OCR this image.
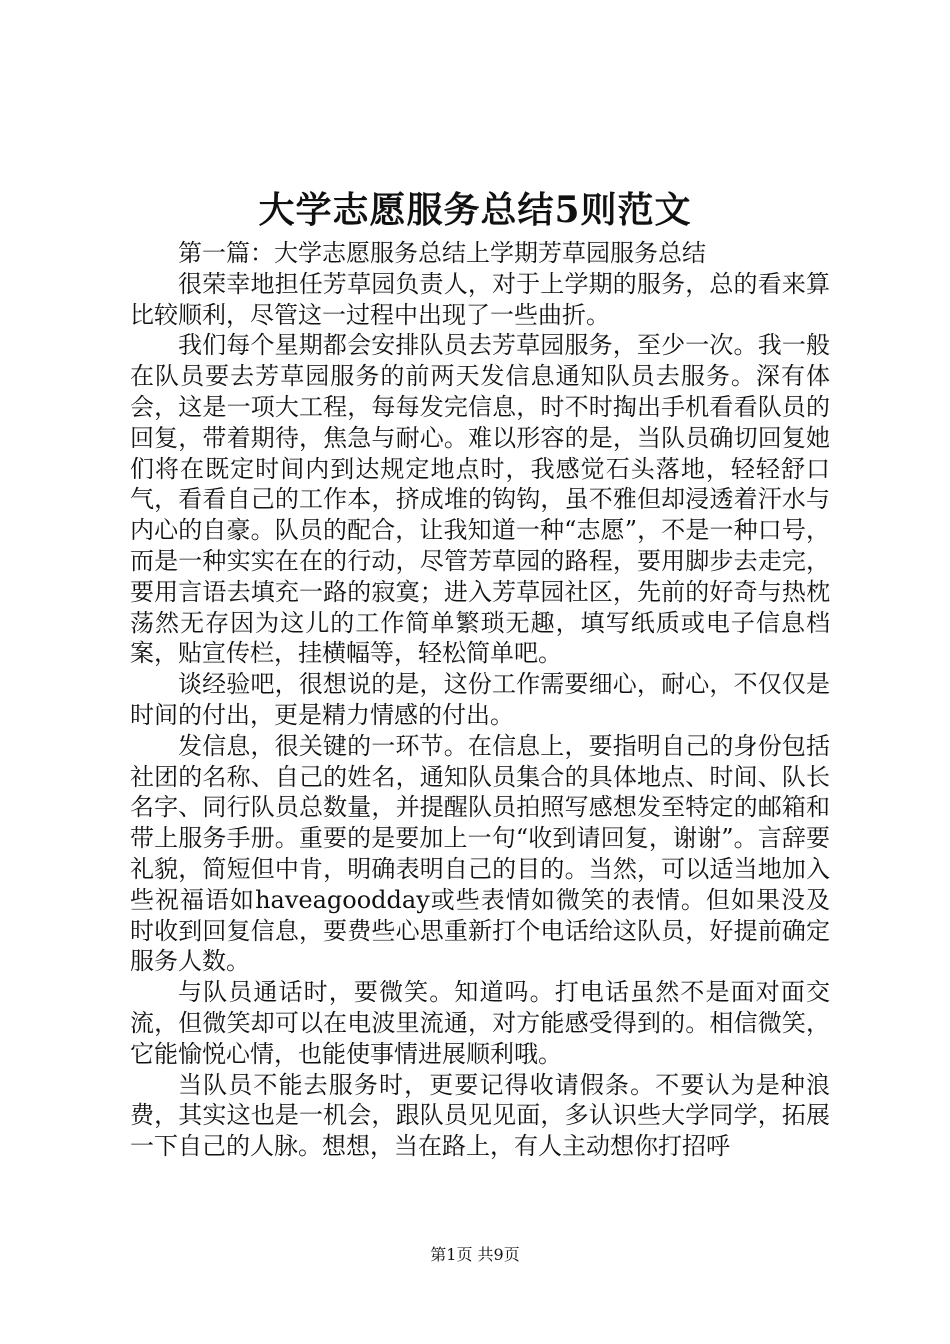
大学志愿服务总结5则范文

第一篇：大学志愿服务总结上学期芳草园服务总结

很荣幸地担任芳草园负责人，对于上学期的服务，总的看来算比较顺利，尽管这一过程中出现了一些曲折。

我们每个星期都会安排队员去芳草园服务，至少一次。我一般在队员要去芳草园服务的前两天发信息通知队员去服务。深有体会，这是一项大工程，每每发完信息，时不时掏出手机看看队员的回复，带着期待，焦急与耐心。难以形容的是，当队员确切回复她们将在既定时间内到达规定地点时，我感觉石头落地，轻轻舒口气，看看自己的工作本，挤成堆的钩钩，虽不雅但却浸透着汗水与内心的自豪。队员的配合，让我知道一种“志愿”，不是一种口号，而是一种实实在在的行动，尽管芳草园的路程，要用脚步去走完，要用言语去填充一路的寂寞；进入芳草园社区，先前的好奇与热枕荡然无存因为这儿的工作简单繁琐无趣，填写纸质或电子信息档案，贴宣传栏，挂横幅等，轻松简单吧。

谈经验吧，很想说的是，这份工作需要细心，耐心，不仅仅是时间的付出，更是精力情感的付出。

发信息，很关键的一环节。在信息上，要指明自己的身份包括社团的名称、自己的姓名，通知队员集合的具体地点、时间、队长名字、同行队员总数量，并提醒队员拍照写感想发至特定的邮箱和带上服务手册。重要的是要加上一句“收到请回复，谢谢”。言辞要礼貌，简短但中肯，明确表明自己的目的。当然，可以适当地加入些祝福语如haveagoodday或些表情如微笑的表情。但如果没及时收到回复信息，要费些心思重新打个电话给这队员，好提前确定服务人数。

与队员通话时，要微笑。知道吗。打电话虽然不是面对面交流，但微笑却可以在电波里流通，对方能感受得到的。相信微笑，它能愉悦心情，也能使事情进展顺利哦。

当队员不能去服务时，更要记得收请假条。不要认为是种浪费，其实这也是一机会，跟队员见见面，多认识些大学同学，拓展一下自己的人脉。想想，当在路上，有人主动想你打招呼

第1页 共9页
